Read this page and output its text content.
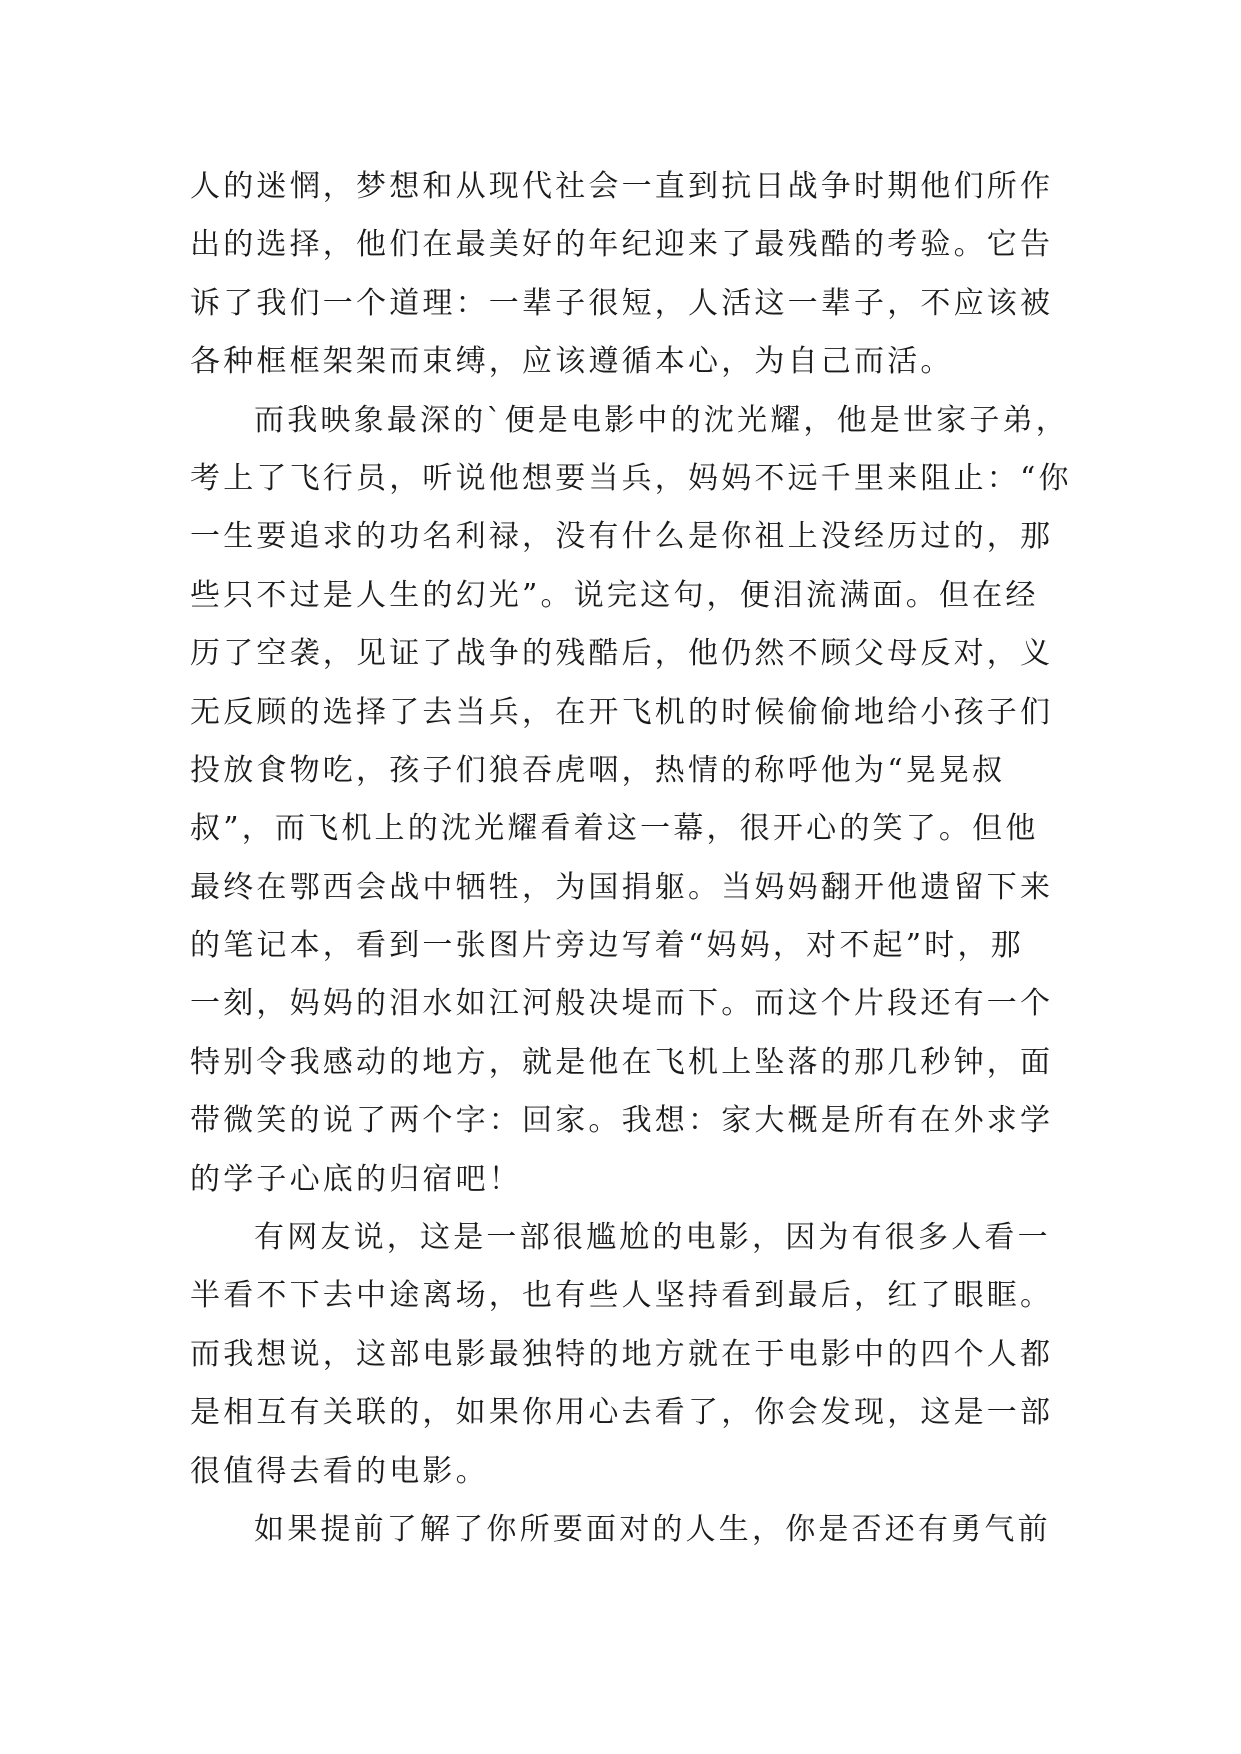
人的迷惘，梦想和从现代社会一直到抗日战争时期他们所作
出的选择，他们在最美好的年纪迎来了最残酷的考验。它告
诉了我们一个道理：一辈子很短，人活这一辈子，不应该被
各种框框架架而束缚，应该遵循本心，为自己而活。
而我映象最深的`便是电影中的沈光耀，他是世家子弟，
考上了飞行员，听说他想要当兵，妈妈不远千里来阻止：“你
一生要追求的功名利禄，没有什么是你祖上没经历过的，那
些只不过是人生的幻光”。说完这句，便泪流满面。但在经
历了空袭，见证了战争的残酷后，他仍然不顾父母反对，义
无反顾的选择了去当兵，在开飞机的时候偷偷地给小孩子们
投放食物吃，孩子们狼吞虎咽，热情的称呼他为“晃晃叔
叔”，而飞机上的沈光耀看着这一幕，很开心的笑了。但他
最终在鄂西会战中牺牲，为国捐躯。当妈妈翻开他遗留下来
的笔记本，看到一张图片旁边写着“妈妈，对不起”时，那
一刻，妈妈的泪水如江河般决堤而下。而这个片段还有一个
特别令我感动的地方，就是他在飞机上坠落的那几秒钟，面
带微笑的说了两个字：回家。我想：家大概是所有在外求学
的学子心底的归宿吧！
有网友说，这是一部很尴尬的电影，因为有很多人看一
半看不下去中途离场，也有些人坚持看到最后，红了眼眶。
而我想说，这部电影最独特的地方就在于电影中的四个人都
是相互有关联的，如果你用心去看了，你会发现，这是一部
很值得去看的电影。
如果提前了解了你所要面对的人生，你是否还有勇气前
